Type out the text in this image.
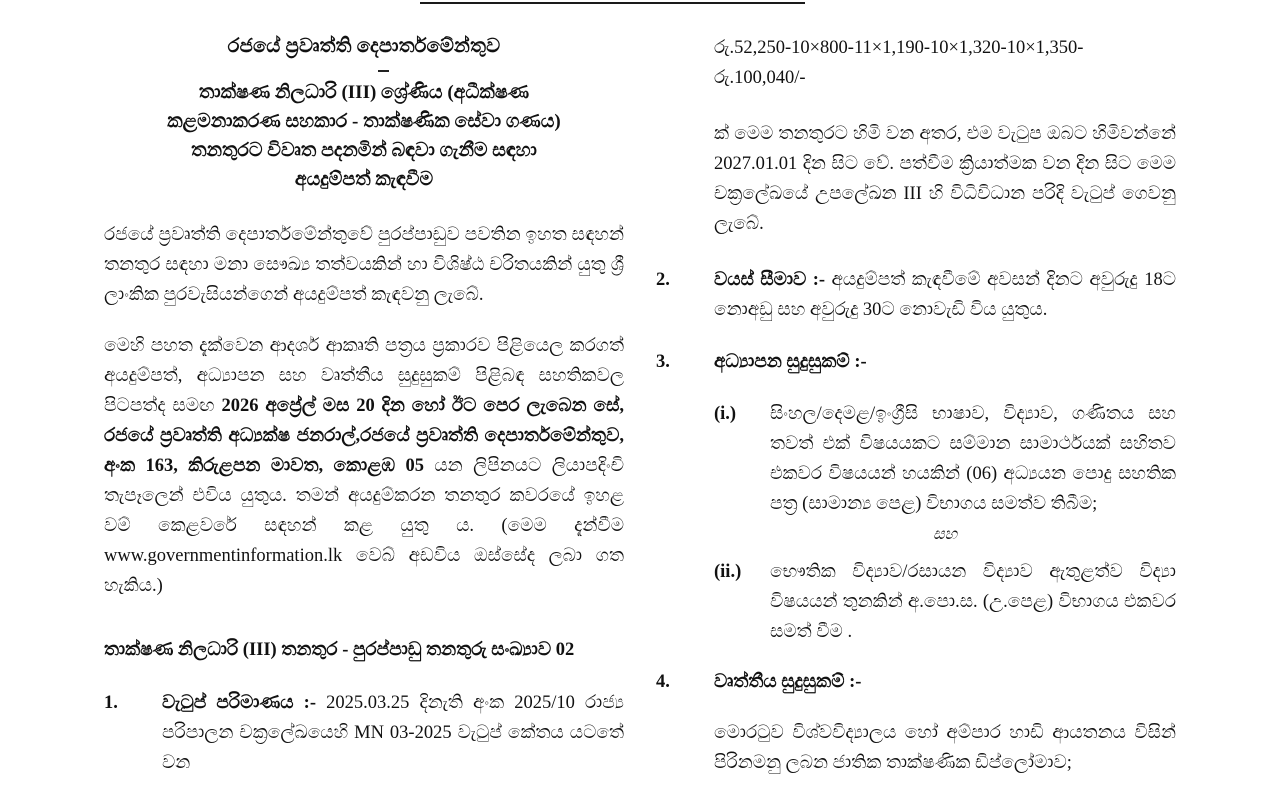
රජයේ ප්‍රවෘත්ති දෙපාර්තමේන්තුව
තාක්ෂණ නිලධාරි (III) ශ්‍රේණිය (අධීක්ෂණ
කළමනාකරණ සහකාර - තාක්ෂණික සේවා ගණය)
තනතුරට විවෘත පදනමින් බඳවා ගැනීම සඳහා
අයදුම්පත් කැඳවීම

රජයේ ප්‍රවෘත්ති දෙපාර්තමේන්තුවේ පුරප්පාඩුව පවතින ඉහත සඳහන් තනතුර සඳහා මනා සෞඛ්‍ය තත්වයකින් හා විශිෂ්ඨ චරිතයකින් යුතු ශ්‍රී ලාංකික පුරවැසියන්ගෙන් අයදුම්පත් කැඳවනු ලැබේ.

මෙහි පහත දැක්වෙන ආදර්ශ ආකෘති පත්‍රය ප්‍රකාරව පිළියෙල කරගත් අයදුම්පත්, අධ්‍යාපන සහ වෘත්තීය සුදුසුකම් පිළිබඳ සහතිකවල පිටපත්ද සමඟ 2026 අප්‍රේල් මස 20 දින හෝ ඊට පෙර ලැබෙන සේ, රජයේ ප්‍රවෘත්ති අධ්‍යක්ෂ ජනරාල්,රජයේ ප්‍රවෘත්ති දෙපාර්තමේන්තුව, අංක 163, කිරුළපන මාවත, කොළඹ 05 යන ලිපිනයට ලියාපදිංචි තැපෑලෙන් එවිය යුතුය. තමන් අයදුම්කරන තනතුර කවරයේ ඉහළ වම් කෙළවරේ සඳහන් කළ යුතු ය. (මෙම දැන්වීම www.governmentinformation.lk වෙබ් අඩවිය ඔස්සේද ලබා ගත හැකිය.)

තාක්ෂණ නිලධාරි (III) තනතුර - පුරප්පාඩු තනතුරු සංඛ්‍යාව 02
1.	වැටුප් පරිමාණය :- 2025.03.25 දිනැති අංක 2025/10 රාජ්‍ය පරිපාලන චක්‍රලේඛයෙහි MN 03-2025 වැටුප් කේතය යටතේ වන
රු.52,250-10×800-11×1,190-10×1,320-10×1,350-
රු.100,040/-
ක් මෙම තනතුරට හිමි වන අතර, එම වැටුප ඔබට හිමිවන්නේ 2027.01.01 දින සිට වේ. පත්වීම ක්‍රියාත්මක වන දින සිට මෙම චක්‍රලේඛයේ උපලේඛන III හි විධිවිධාන පරිදි වැටුප් ගෙවනු ලැබේ.
2.	වයස් සීමාව :- අයදුම්පත් කැඳවීමේ අවසන් දිනට අවුරුදු 18ට නොඅඩු සහ අවුරුදු 30ට නොවැඩි විය යුතුය.
3.	අධ්‍යාපන සුදුසුකම් :-
(i.)	සිංහල/දෙමළ/ඉංග්‍රීසි භාෂාව, විද්‍යාව, ගණිතය සහ තවත් එක් විෂයයකට සම්මාන සාමාර්ථයක් සහිතව එකවර විෂයයන් හයකින් (06) අධ්‍යයන පොදු සහතික පත්‍ර (සාමාන්‍ය පෙළ) විභාගය සමත්ව තිබීම;
සහ
(ii.)	භෞතික විද්‍යාව/රසායන විද්‍යාව ඇතුළත්ව විද්‍යා විෂයයන් තුනකින් අ.පො.ස. (උ.පෙළ) විභාගය එකවර සමත් වීම .
4.	වෘත්තීය සුදුසුකම් :-
මොරටුව විශ්වවිද්‍යාලය හෝ අම්පාර හාඩි ආයතනය විසින් පිරිනමනු ලබන ජාතික තාක්ෂණික ඩිප්ලෝමාව;
